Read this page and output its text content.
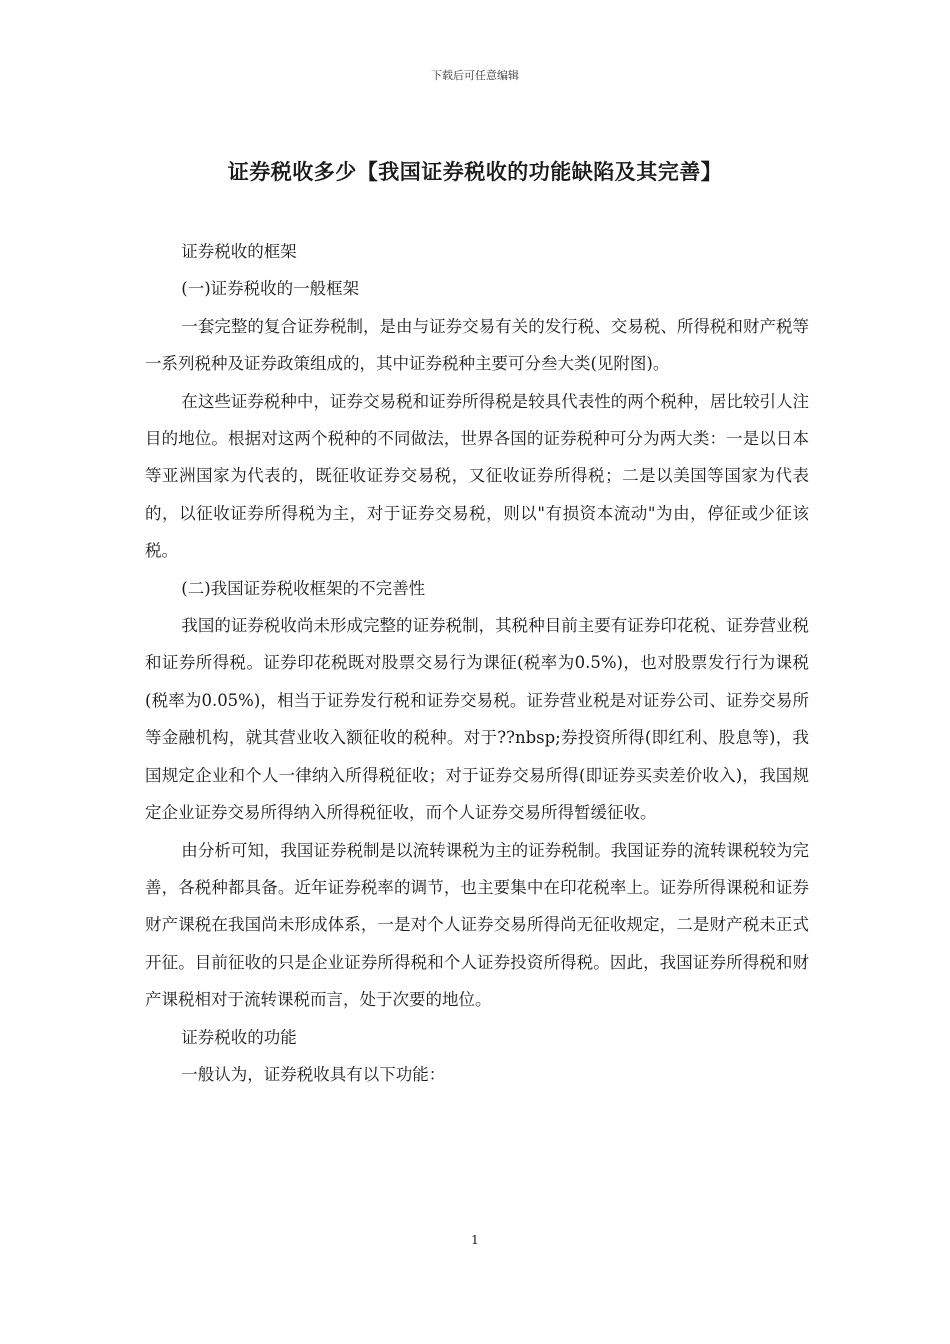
下载后可任意编辑
证券税收多少【我国证券税收的功能缺陷及其完善】

证券税收的框架

(一)证券税收的一般框架

一套完整的复合证券税制，是由与证券交易有关的发行税、交易税、所得税和财产税等一系列税种及证券政策组成的，其中证券税种主要可分叁大类(见附图)。

在这些证券税种中，证券交易税和证券所得税是较具代表性的两个税种，居比较引人注目的地位。根据对这两个税种的不同做法，世界各国的证券税种可分为两大类：一是以日本等亚洲国家为代表的，既征收证券交易税，又征收证券所得税；二是以美国等国家为代表的，以征收证券所得税为主，对于证券交易税，则以"有损资本流动"为由，停征或少征该税。

(二)我国证券税收框架的不完善性

我国的证券税收尚未形成完整的证券税制，其税种目前主要有证券印花税、证券营业税和证券所得税。证券印花税既对股票交易行为课征(税率为0.5%)，也对股票发行行为课税(税率为0.05%)，相当于证券发行税和证券交易税。证券营业税是对证券公司、证券交易所等金融机构，就其营业收入额征收的税种。对于??nbsp;券投资所得(即红利、股息等)，我国规定企业和个人一律纳入所得税征收；对于证券交易所得(即证券买卖差价收入)，我国规定企业证券交易所得纳入所得税征收，而个人证券交易所得暂缓征收。

由分析可知，我国证券税制是以流转课税为主的证券税制。我国证券的流转课税较为完善，各税种都具备。近年证券税率的调节，也主要集中在印花税率上。证券所得课税和证券财产课税在我国尚未形成体系，一是对个人证券交易所得尚无征收规定，二是财产税未正式开征。目前征收的只是企业证券所得税和个人证券投资所得税。因此，我国证券所得税和财产课税相对于流转课税而言，处于次要的地位。

证券税收的功能

一般认为，证券税收具有以下功能：

1
